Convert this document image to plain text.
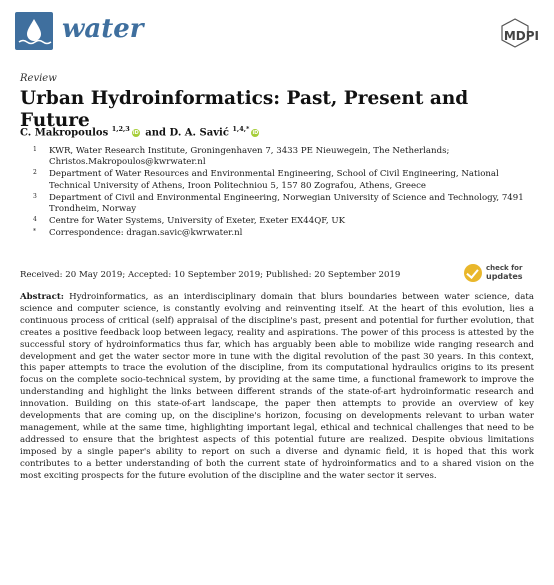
water	MDPI
Review
Urban Hydroinformatics: Past, Present and Future
C. Makropoulos $^{1,2,3}$iD and D. A. Savić $^{1,4,*}$iD
1 KWR, Water Research Institute, Groningenhaven 7, 3433 PE Nieuwegein, The Netherlands; Christos.Makropoulos@kwrwater.nl
2 Department of Water Resources and Environmental Engineering, School of Civil Engineering, National Technical University of Athens, Iroon Politechniou 5, 157 80 Zografou, Athens, Greece
3 Department of Civil and Environmental Engineering, Norwegian University of Science and Technology, 7491 Trondheim, Norway
4 Centre for Water Systems, University of Exeter, Exeter EX44QF, UK
* Correspondence: dragan.savic@kwrwater.nl
Received: 20 May 2019; Accepted: 10 September 2019; Published: 20 September 2019
check for
updates
Abstract: Hydroinformatics, as an interdisciplinary domain that blurs boundaries between water science, data science and computer science, is constantly evolving and reinventing itself. At the heart of this evolution, lies a continuous process of critical (self) appraisal of the discipline's past, present and potential for further evolution, that creates a positive feedback loop between legacy, reality and aspirations. The power of this process is attested by the successful story of hydroinformatics thus far, which has arguably been able to mobilize wide ranging research and development and get the water sector more in tune with the digital revolution of the past 30 years. In this context, this paper attempts to trace the evolution of the discipline, from its computational hydraulics origins to its present focus on the complete socio-technical system, by providing at the same time, a functional framework to improve the understanding and highlight the links between different strands of the state-of-art hydroinformatic research and innovation. Building on this state-of-art landscape, the paper then attempts to provide an overview of key developments that are coming up, on the discipline's horizon, focusing on developments relevant to urban water management, while at the same time, highlighting important legal, ethical and technical challenges that need to be addressed to ensure that the brightest aspects of this potential future are realized. Despite obvious limitations imposed by a single paper's ability to report on such a diverse and dynamic field, it is hoped that this work contributes to a better understanding of both the current state of hydroinformatics and to a shared vision on the most exciting prospects for the future evolution of the discipline and the water sector it serves.
